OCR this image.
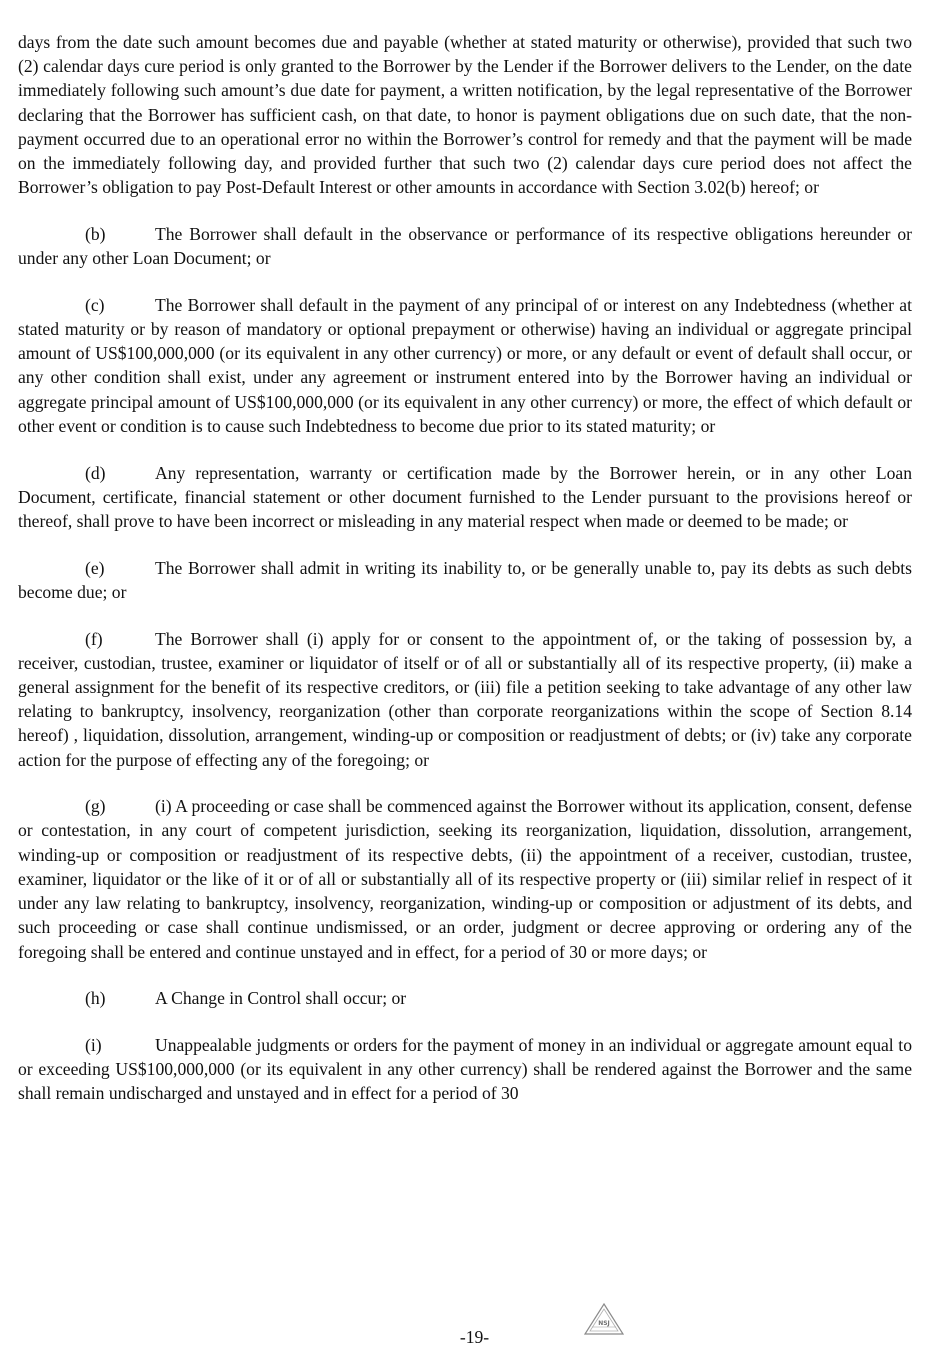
days from the date such amount becomes due and payable (whether at stated maturity or otherwise), provided that such two (2) calendar days cure period is only granted to the Borrower by the Lender if the Borrower delivers to the Lender, on the date immediately following such amount’s due date for payment, a written notification, by the legal representative of the Borrower declaring that the Borrower has sufficient cash, on that date, to honor is payment obligations due on such date, that the non-payment occurred due to an operational error no within the Borrower’s control for remedy and that the payment will be made on the immediately following day, and provided further that such two (2) calendar days cure period does not affect the Borrower’s obligation to pay Post-Default Interest or other amounts in accordance with Section 3.02(b) hereof; or

(b)	The Borrower shall default in the observance or performance of its respective obligations hereunder or under any other Loan Document; or

(c)	The Borrower shall default in the payment of any principal of or interest on any Indebtedness (whether at stated maturity or by reason of mandatory or optional prepayment or otherwise) having an individual or aggregate principal amount of US$100,000,000 (or its equivalent in any other currency) or more, or any default or event of default shall occur, or any other condition shall exist, under any agreement or instrument entered into by the Borrower having an individual or aggregate principal amount of US$100,000,000 (or its equivalent in any other currency) or more, the effect of which default or other event or condition is to cause such Indebtedness to become due prior to its stated maturity; or

(d)	Any representation, warranty or certification made by the Borrower herein, or in any other Loan Document, certificate, financial statement or other document furnished to the Lender pursuant to the provisions hereof or thereof, shall prove to have been incorrect or misleading in any material respect when made or deemed to be made; or

(e)	The Borrower shall admit in writing its inability to, or be generally unable to, pay its debts as such debts become due; or

(f)	The Borrower shall (i) apply for or consent to the appointment of, or the taking of possession by, a receiver, custodian, trustee, examiner or liquidator of itself or of all or substantially all of its respective property, (ii) make a general assignment for the benefit of its respective creditors, or (iii) file a petition seeking to take advantage of any other law relating to bankruptcy, insolvency, reorganization (other than corporate reorganizations within the scope of Section 8.14 hereof) , liquidation, dissolution, arrangement, winding-up or composition or readjustment of debts; or (iv) take any corporate action for the purpose of effecting any of the foregoing; or

(g)	(i) A proceeding or case shall be commenced against the Borrower without its application, consent, defense or contestation, in any court of competent jurisdiction, seeking its reorganization, liquidation, dissolution, arrangement, winding-up or composition or readjustment of its respective debts, (ii) the appointment of a receiver, custodian, trustee, examiner, liquidator or the like of it or of all or substantially all of its respective property or (iii) similar relief in respect of it under any law relating to bankruptcy, insolvency, reorganization, winding-up or composition or adjustment of its debts, and such proceeding or case shall continue undismissed, or an order, judgment or decree approving or ordering any of the foregoing shall be entered and continue unstayed and in effect, for a period of 30 or more days; or

(h)	A Change in Control shall occur; or

(i)	Unappealable judgments or orders for the payment of money in an individual or aggregate amount equal to or exceeding US$100,000,000 (or its equivalent in any other currency) shall be rendered against the Borrower and the same shall remain undischarged and unstayed and in effect for a period of 30

-19-
NSJ
